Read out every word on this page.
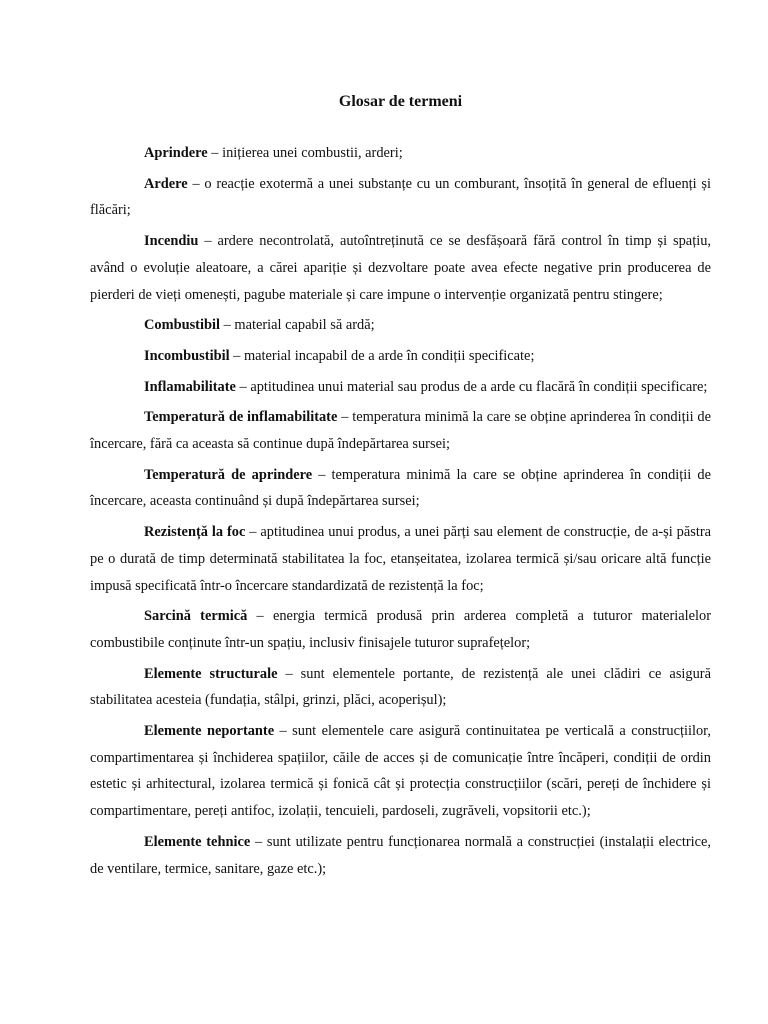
Glosar de termeni

Aprindere – inițierea unei combustii, arderi;

Ardere – o reacție exotermă a unei substanțe cu un comburant, însoțită în general de efluenți și flăcări;

Incendiu – ardere necontrolată, autoîntreținută ce se desfășoară fără control în timp și spațiu, având o evoluție aleatoare, a cărei apariție și dezvoltare poate avea efecte negative prin producerea de pierderi de vieți omenești, pagube materiale și care impune o intervenție organizată pentru stingere;

Combustibil – material capabil să ardă;

Incombustibil – material incapabil de a arde în condiții specificate;

Inflamabilitate – aptitudinea unui material sau produs de a arde cu flacără în condiții specificare;

Temperatură de inflamabilitate – temperatura minimă la care se obține aprinderea în condiții de încercare, fără ca aceasta să continue după îndepărtarea sursei;

Temperatură de aprindere – temperatura minimă la care se obține aprinderea în condiții de încercare, aceasta continuând și după îndepărtarea sursei;

Rezistență la foc – aptitudinea unui produs, a unei părți sau element de construcție, de a-și păstra pe o durată de timp determinată stabilitatea la foc, etanșeitatea, izolarea termică și/sau oricare altă funcție impusă specificată într-o încercare standardizată de rezistență la foc;

Sarcină termică – energia termică produsă prin arderea completă a tuturor materialelor combustibile conținute într-un spațiu, inclusiv finisajele tuturor suprafețelor;

Elemente structurale – sunt elementele portante, de rezistență ale unei clădiri ce asigură stabilitatea acesteia (fundația, stâlpi, grinzi, plăci, acoperișul);

Elemente neportante – sunt elementele care asigură continuitatea pe verticală a construcțiilor, compartimentarea și închiderea spațiilor, căile de acces și de comunicație între încăperi, condiții de ordin estetic și arhitectural, izolarea termică și fonică cât și protecția construcțiilor (scări, pereți de închidere și compartimentare, pereți antifoc, izolații, tencuieli, pardoseli, zugrăveli, vopsitorii etc.);

Elemente tehnice – sunt utilizate pentru funcționarea normală a construcției (instalații electrice, de ventilare, termice, sanitare, gaze etc.);
